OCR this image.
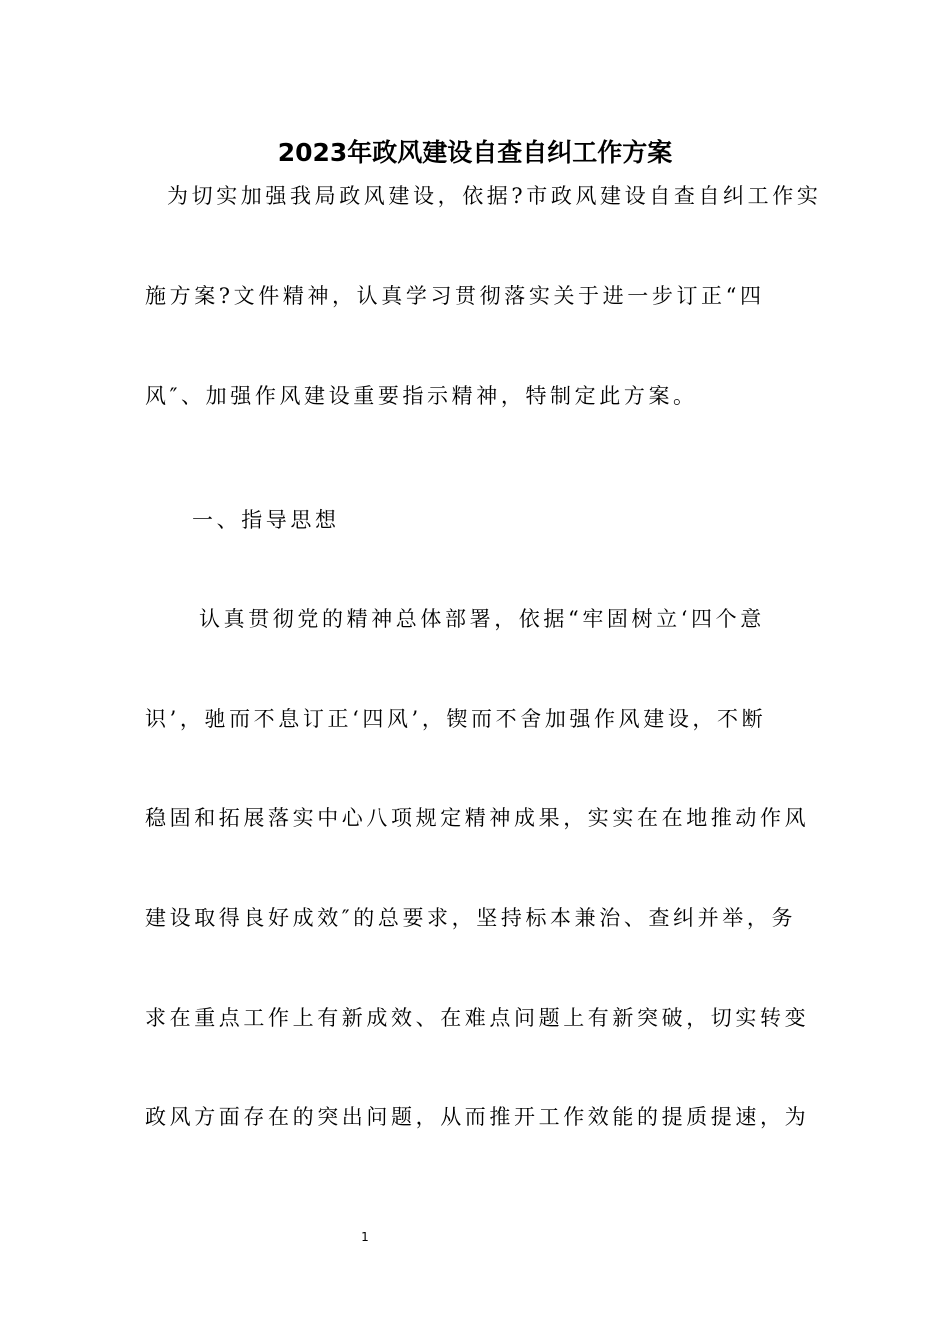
2023年政风建设自查自纠工作方案
为切实加强我局政风建设，依据?市政风建设自查自纠工作实
施方案?文件精神，认真学习贯彻落实关于进一步订正“四
风″、加强作风建设重要指示精神，特制定此方案。
一、指导思想
认真贯彻党的精神总体部署，依据“牢固树立‘四个意
识’，驰而不息订正‘四风’，锲而不舍加强作风建设，不断
稳固和拓展落实中心八项规定精神成果，实实在在地推动作风
建设取得良好成效″的总要求，坚持标本兼治、查纠并举，务
求在重点工作上有新成效、在难点问题上有新突破，切实转变
政风方面存在的突出问题，从而推开工作效能的提质提速，为
1
